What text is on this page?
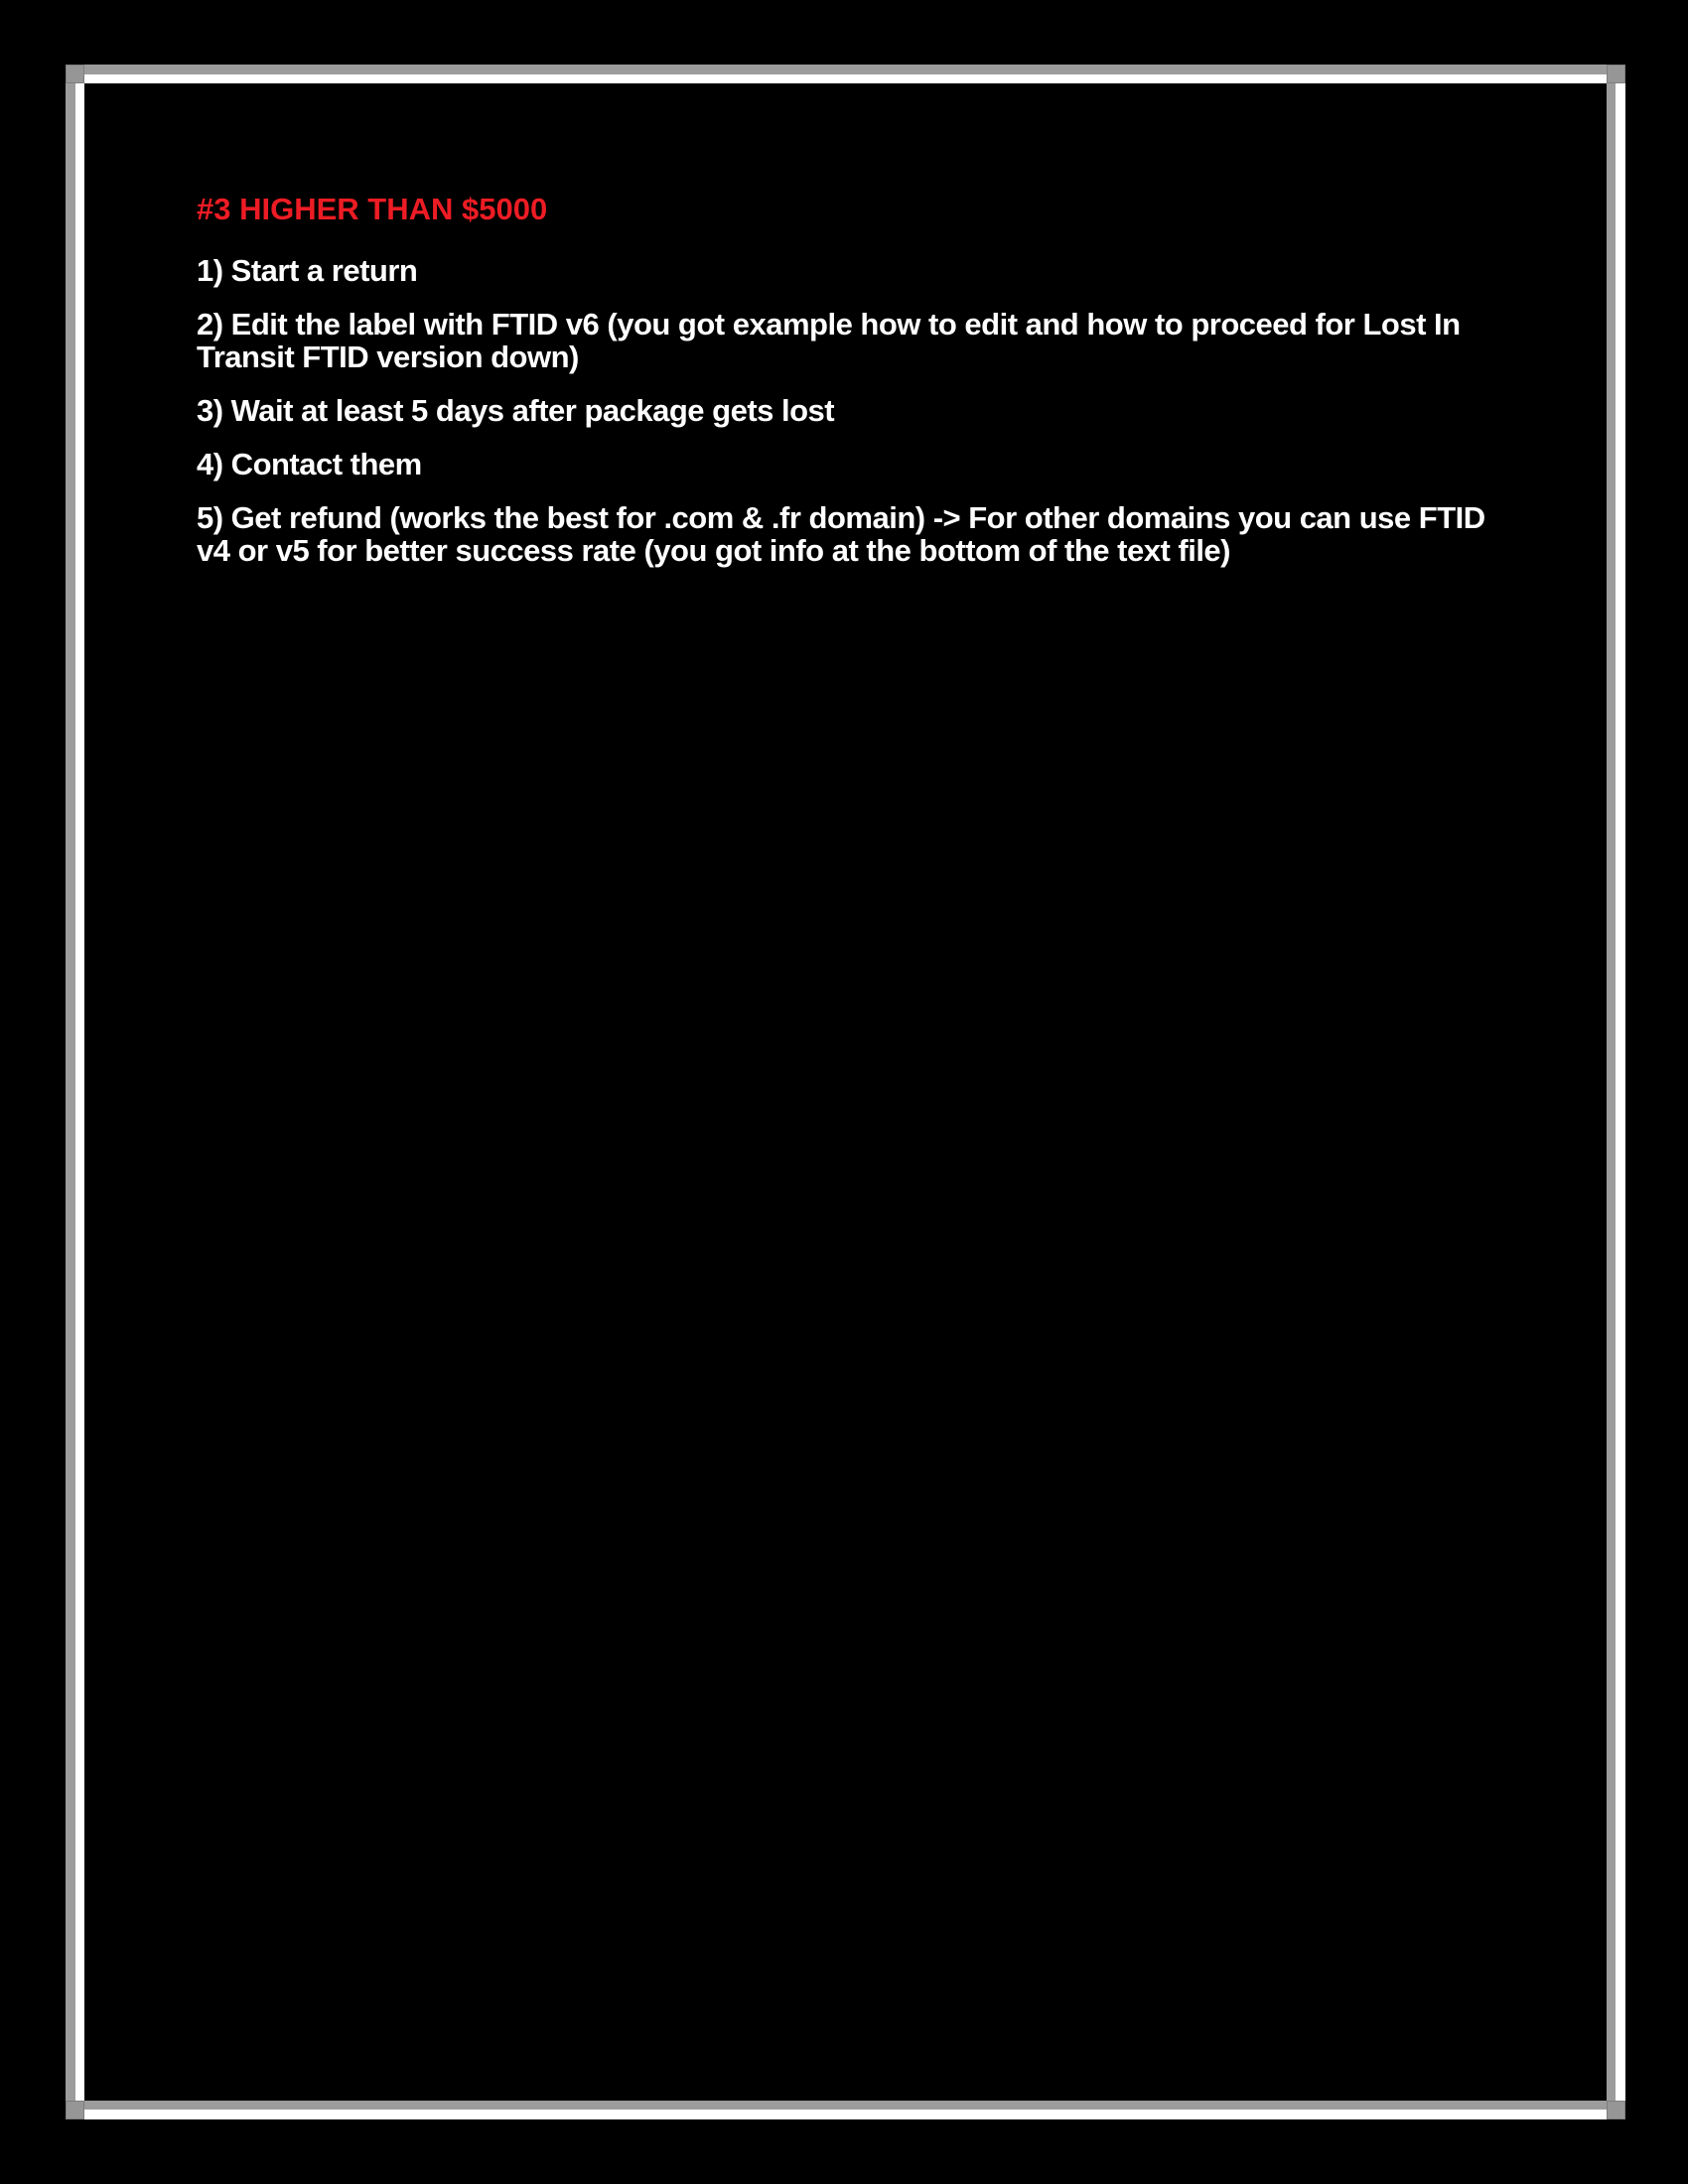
#3 HIGHER THAN $5000

1) Start a return

2) Edit the label with FTID v6 (you got example how to edit and how to proceed for Lost In
Transit FTID version down)

3) Wait at least 5 days after package gets lost

4) Contact them

5) Get refund (works the best for .com & .fr domain) -> For other domains you can use FTID
v4 or v5 for better success rate (you got info at the bottom of the text file)
